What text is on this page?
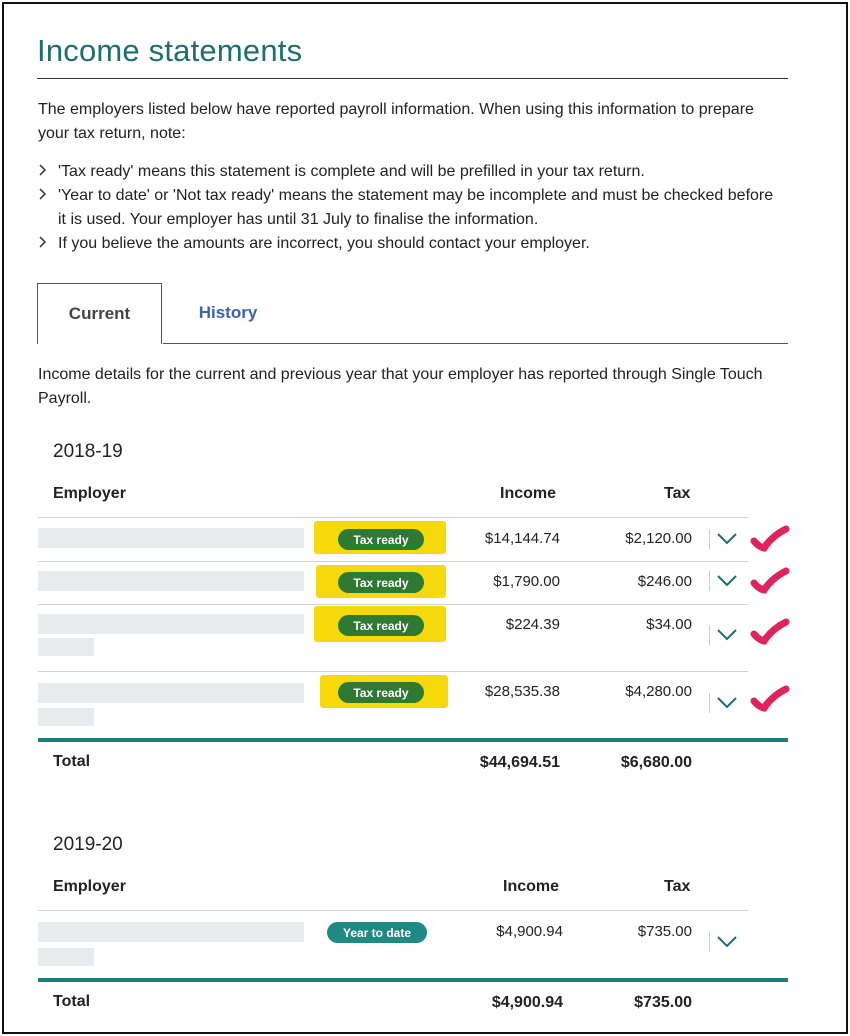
Income statements

The employers listed below have reported payroll information. When using this information to prepare your tax return, note:

'Tax ready' means this statement is complete and will be prefilled in your tax return.
'Year to date' or 'Not tax ready' means the statement may be incomplete and must be checked before it is used. Your employer has until 31 July to finalise the information.
If you believe the amounts are incorrect, you should contact your employer.
Current	History

Income details for the current and previous year that your employer has reported through Single Touch Payroll.

2018-19
Employer	Income	Tax
Tax ready	$14,144.74	$2,120.00
Tax ready	$1,790.00	$246.00
Tax ready	$224.39	$34.00
Tax ready	$28,535.38	$4,280.00
Total	$44,694.51	$6,680.00
2019-20
Employer	Income	Tax
Year to date	$4,900.94	$735.00
Total	$4,900.94	$735.00
